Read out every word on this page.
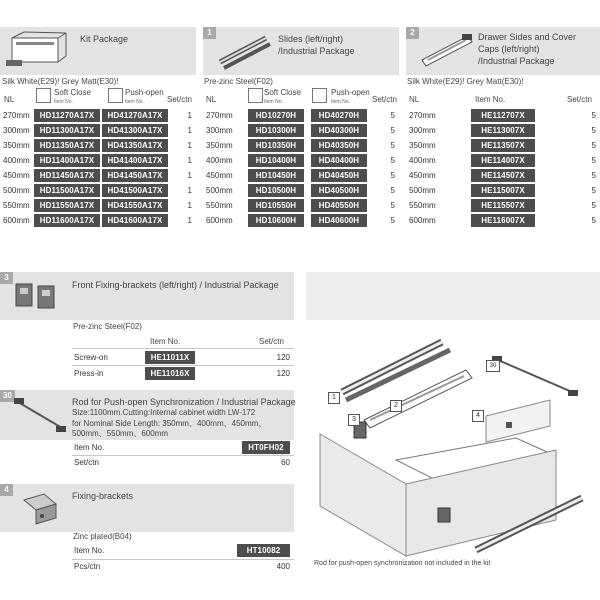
Kit Package
Silk White(E29)! Grey Matt(E30)!
NL
Soft Close
Item No.
Push-open
Item No.	Set/ctn
270mm	HD11270A17X	HD41270A17X	1
300mm	HD11300A17X	HD41300A17X	1
350mm	HD11350A17X	HD41350A17X	1
400mm	HD11400A17X	HD41400A17X	1
450mm	HD11450A17X	HD41450A17X	1
500mm	HD11500A17X	HD41500A17X	1
550mm	HD11550A17X	HD41550A17X	1
600mm	HD11600A17X	HD41600A17X	1
1
Slides (left/right)
/Industrial Package
Pre-zinc Steel(F02)
NL
Soft Close
Item No.
Push-open
Item No.	Set/ctn
270mm	HD10270H	HD40270H	5
300mm	HD10300H	HD40300H	5
350mm	HD10350H	HD40350H	5
400mm	HD10400H	HD40400H	5
450mm	HD10450H	HD40450H	5
500mm	HD10500H	HD40500H	5
550mm	HD10550H	HD40550H	5
600mm	HD10600H	HD40600H	5
2	Drawer Sides and Cover
Caps (left/right)
/Industrial Package
Silk White(E29)! Grey Matt(E30)!
NL	Item No.	Set/ctn
270mm	HE112707X	5
300mm	HE113007X	5
350mm	HE113507X	5
400mm	HE114007X	5
450mm	HE114507X	5
500mm	HE115007X	5
550mm	HE115507X	5
600mm	HE116007X	5
3
Front Fixing-brackets (left/right) / Industrial Package
Pre-zinc Steel(F02)
Item No.	Set/ctn
Screw-on	HE11011X	120
Press-in	HE11016X	120
30
Rod for Push-open Synchronization / Industrial Package
Size:1100mm.Cutting:Internal cabinet width LW-172
for Nominal Side Length: 350mm、400mm、450mm、
500mm、550mm、600mm
Item No.	HT0FH02
Set/ctn	60
4
Fixing-brackets
Zinc plated(B04)
Item No.	HT10082
Pcs/ctn	400
1
2
3
4
30
Rod for push-open synchronization not included in the kit
